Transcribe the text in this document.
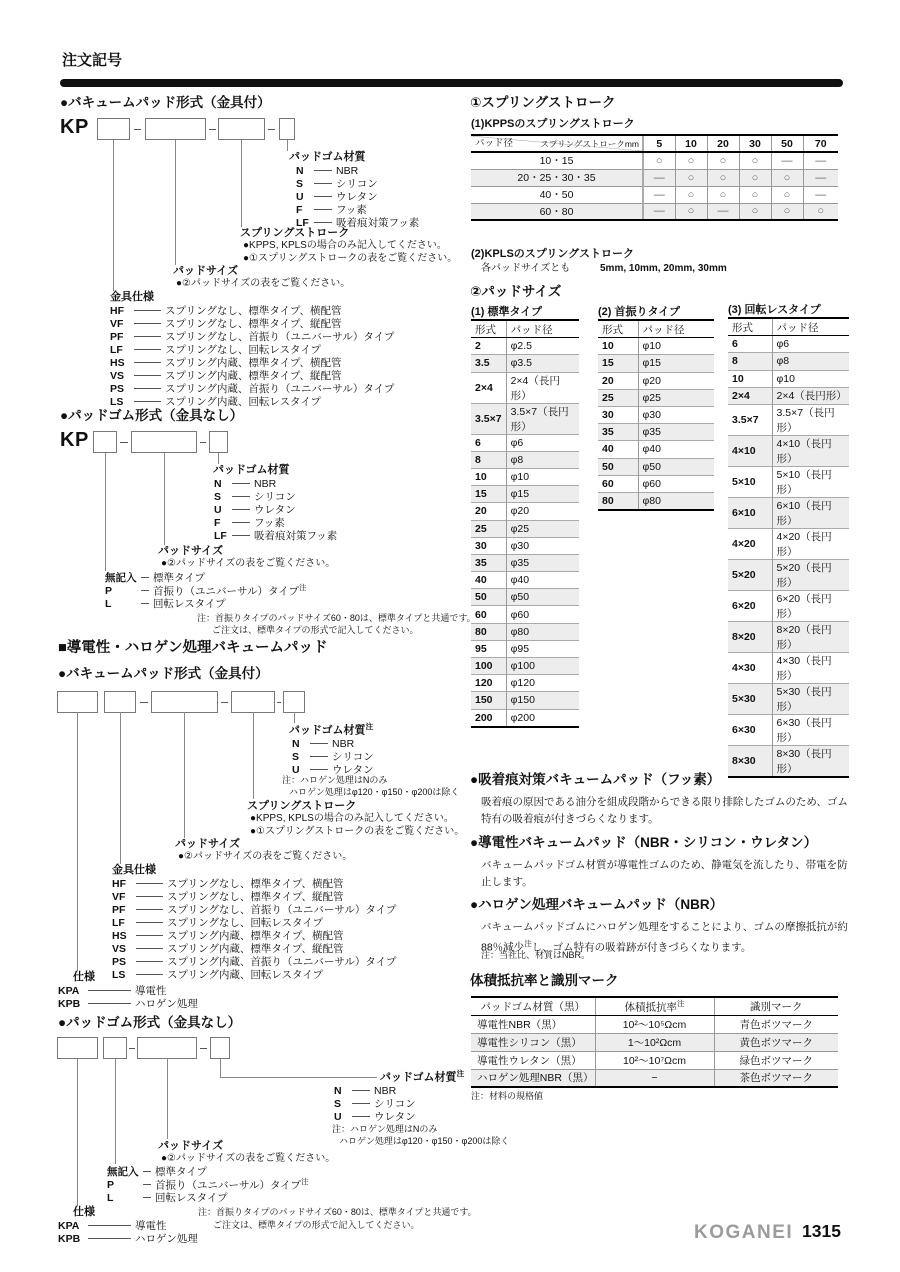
注文記号
●バキュームパッド形式（金具付）
KP
パッドゴム材質
N	NBR
S	シリコン
U	ウレタン
F	フッ素
LF	吸着痕対策フッ素
スプリングストローク
●KPPS, KPLSの場合のみ記入してください。
●①スプリングストロークの表をご覧ください。
パッドサイズ
●②パッドサイズの表をご覧ください。
金具仕様
HF	スプリングなし、標準タイプ、横配管
VF	スプリングなし、標準タイプ、縦配管
PF	スプリングなし、首振り（ユニバーサル）タイプ
LF	スプリングなし、回転レスタイプ
HS	スプリング内蔵、標準タイプ、横配管
VS	スプリング内蔵、標準タイプ、縦配管
PS	スプリング内蔵、首振り（ユニバーサル）タイプ
LS	スプリング内蔵、回転レスタイプ
●パッドゴム形式（金具なし）
KP
パッドゴム材質
N	NBR
S	シリコン
U	ウレタン
F	フッ素
LF	吸着痕対策フッ素
パッドサイズ
●②パッドサイズの表をご覧ください。
無記入	標準タイプ
P	首振り（ユニバーサル）タイプ$^注$
L	回転レスタイプ
注：首振りタイプのパッドサイズ60・80は、標準タイプと共通です。
ご注文は、標準タイプの形式で記入してください。
■導電性・ハロゲン処理バキュームパッド
●バキュームパッド形式（金具付）
パッドゴム材質$^注$
N	NBR
S	シリコン
U	ウレタン
注：ハロゲン処理はNのみ
ハロゲン処理はφ120・φ150・φ200は除く
スプリングストローク
●KPPS, KPLSの場合のみ記入してください。
●①スプリングストロークの表をご覧ください。
パッドサイズ
●②パッドサイズの表をご覧ください。
金具仕様
HF	スプリングなし、標準タイプ、横配管
VF	スプリングなし、標準タイプ、縦配管
PF	スプリングなし、首振り（ユニバーサル）タイプ
LF	スプリングなし、回転レスタイプ
HS	スプリング内蔵、標準タイプ、横配管
VS	スプリング内蔵、標準タイプ、縦配管
PS	スプリング内蔵、首振り（ユニバーサル）タイプ
LS	スプリング内蔵、回転レスタイプ
仕様
KPA	導電性
KPB	ハロゲン処理
●パッドゴム形式（金具なし）
パッドゴム材質$^注$
N	NBR
S	シリコン
U	ウレタン
注：ハロゲン処理はNのみ
ハロゲン処理はφ120・φ150・φ200は除く
パッドサイズ
●②パッドサイズの表をご覧ください。
無記入	標準タイプ
P	首振り（ユニバーサル）タイプ$^注$
L	回転レスタイプ
仕様
KPA	導電性
KPB	ハロゲン処理
注：首振りタイプのパッドサイズ60・80は、標準タイプと共通です。
ご注文は、標準タイプの形式で記入してください。
①スプリングストローク
(1)KPPSのスプリングストローク
スプリングストロークmm
パッド径	5	10	20	30	50	70
10・15	○	○	○	○	—	—
20・25・30・35	—	○	○	○	○	—
40・50	—	○	○	○	○	—
60・80	—	○	—	○	○	○
(2)KPLSのスプリングストローク
各パッドサイズとも	5mm, 10mm, 20mm, 30mm
②パッドサイズ
(1) 標準タイプ
形式	パッド径
2	φ2.5
3.5	φ3.5
2×4	2×4（長円形）
3.5×7	3.5×7（長円形）
6	φ6
8	φ8
10	φ10
15	φ15
20	φ20
25	φ25
30	φ30
35	φ35
40	φ40
50	φ50
60	φ60
80	φ80
95	φ95
100	φ100
120	φ120
150	φ150
200	φ200
(2) 首振りタイプ
形式	パッド径
10	φ10
15	φ15
20	φ20
25	φ25
30	φ30
35	φ35
40	φ40
50	φ50
60	φ60
80	φ80
(3) 回転レスタイプ
形式	パッド径
6	φ6
8	φ8
10	φ10
2×4	2×4（長円形）
3.5×7	3.5×7（長円形）
4×10	4×10（長円形）
5×10	5×10（長円形）
6×10	6×10（長円形）
4×20	4×20（長円形）
5×20	5×20（長円形）
6×20	6×20（長円形）
8×20	8×20（長円形）
4×30	4×30（長円形）
5×30	5×30（長円形）
6×30	6×30（長円形）
8×30	8×30（長円形）
●吸着痕対策バキュームパッド（フッ素）
吸着痕の原因である油分を組成段階からできる限り排除したゴムのため、ゴム特有の吸着痕が付きづらくなります。
●導電性バキュームパッド（NBR・シリコン・ウレタン）
バキュームパッドゴム材質が導電性ゴムのため、静電気を流したり、帯電を防止します。
●ハロゲン処理バキュームパッド（NBR）
バキュームパッドゴムにハロゲン処理をすることにより、ゴムの摩擦抵抗が約88％減少$^注$し、ゴム特有の吸着跡が付きづらくなります。
注：当社比、材質はNBR。
体積抵抗率と識別マーク
パッドゴム材質（黒）	体積抵抗率$^注$	識別マーク
導電性NBR（黒）	10²～10⁵Ωcm	青色ボツマーク
導電性シリコン（黒）	1～10²Ωcm	黄色ボツマーク
導電性ウレタン（黒）	10²～10⁷Ωcm	緑色ボツマーク
ハロゲン処理NBR（黒）	−	茶色ボツマーク
注：材料の規格値
KOGANEI 1315
